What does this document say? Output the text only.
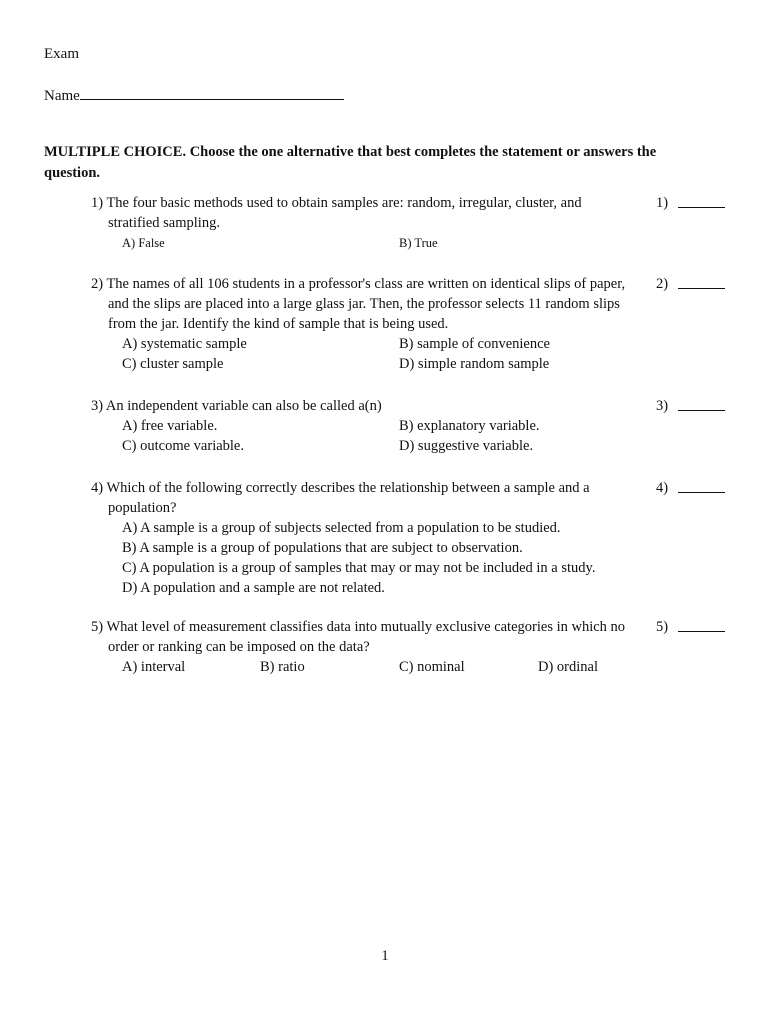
Exam
Name
MULTIPLE CHOICE. Choose the one alternative that best completes the statement or answers the question.
1) The four basic methods used to obtain samples are: random, irregular, cluster, and stratified sampling.
A) False	B) True
1)
2) The names of all 106 students in a professor's class are written on identical slips of paper, and the slips are placed into a large glass jar. Then, the professor selects 11 random slips from the jar. Identify the kind of sample that is being used.
A) systematic sample	B) sample of convenience
C) cluster sample	D) simple random sample
2)
3) An independent variable can also be called a(n)
A) free variable.	B) explanatory variable.
C) outcome variable.	D) suggestive variable.
3)
4) Which of the following correctly describes the relationship between a sample and a population?
A) A sample is a group of subjects selected from a population to be studied.
B) A sample is a group of populations that are subject to observation.
C) A population is a group of samples that may or may not be included in a study.
D) A population and a sample are not related.
4)
5) What level of measurement classifies data into mutually exclusive categories in which no order or ranking can be imposed on the data?
A) interval	B) ratio	C) nominal	D) ordinal
5)
1
